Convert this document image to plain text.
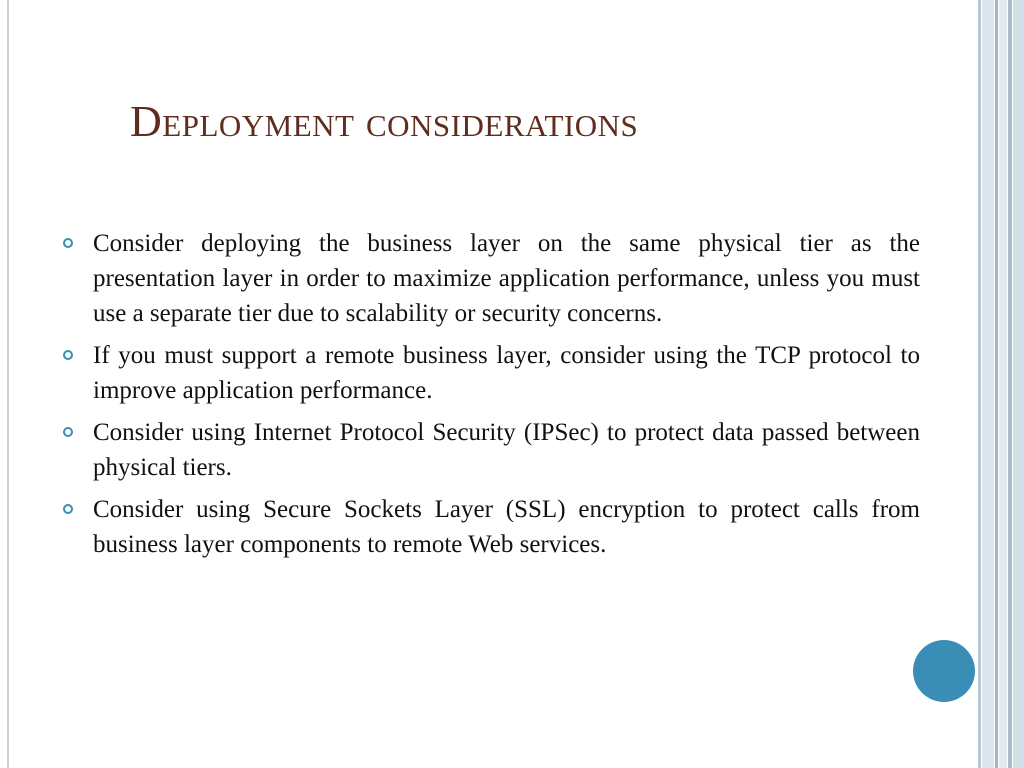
Deployment considerations
Consider deploying the business layer on the same physical tier as the presentation layer in order to maximize application performance, unless you must use a separate tier due to scalability or security concerns.
If you must support a remote business layer, consider using the TCP protocol to improve application performance.
Consider using Internet Protocol Security (IPSec) to protect data passed between physical tiers.
Consider using Secure Sockets Layer (SSL) encryption to protect calls from business layer components to remote Web services.
